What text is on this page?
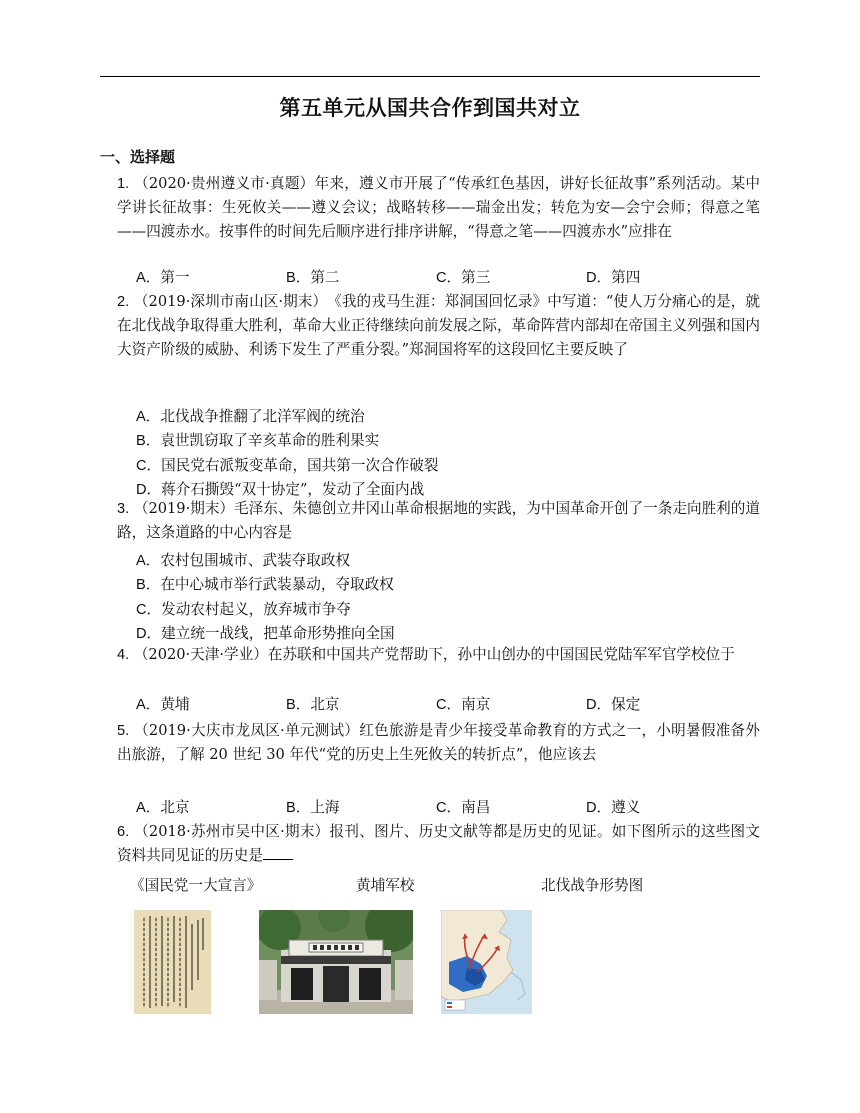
第五单元从国共合作到国共对立
一、选择题
1. （2020·贵州遵义市·真题）年来，遵义市开展了“传承红色基因，讲好长征故事”系列活动。某中学讲长征故事：生死攸关——遵义会议；战略转移——瑞金出发；转危为安—会宁会师；得意之笔——四渡赤水。按事件的时间先后顺序进行排序讲解，“得意之笔——四渡赤水”应排在
A．第一	B．第二	C．第三	D．第四
2. （2019·深圳市南山区·期末）　《我的戎马生涯：郑洞国回忆录》中写道：“使人万分痛心的是，就在北伐战争取得重大胜利，革命大业正待继续向前发展之际，革命阵营内部却在帝国主义列强和国内大资产阶级的威胁、利诱下发生了严重分裂。”郑洞国将军的这段回忆主要反映了
A．北伐战争推翻了北洋军阀的统治
B．袁世凯窃取了辛亥革命的胜利果实
C．国民党右派叛变革命，国共第一次合作破裂
D．蒋介石撕毁“双十协定”，发动了全面内战
3. （2019·期末）毛泽东、朱德创立井冈山革命根据地的实践，为中国革命开创了一条走向胜利的道路，这条道路的中心内容是
A．农村包围城市、武装夺取政权
B．在中心城市举行武装暴动，夺取政权
C．发动农村起义，放弃城市争夺
D．建立统一战线，把革命形势推向全国
4. （2020·天津·学业）在苏联和中国共产党帮助下，孙中山创办的中国国民党陆军军官学校位于
A．黄埔	B．北京	C．南京	D．保定
5. （2019·大庆市龙凤区·单元测试）红色旅游是青少年接受革命教育的方式之一，小明暑假准备外出旅游，了解 20 世纪 30 年代“党的历史上生死攸关的转折点”，他应该去
A．北京	B．上海	C．南昌	D．遵义
6. （2018·苏州市吴中区·期末）报刊、图片、历史文献等都是历史的见证。如下图所示的这些图文资料共同见证的历史是
《国民党一大宣言》	黄埔军校	北伐战争形势图
